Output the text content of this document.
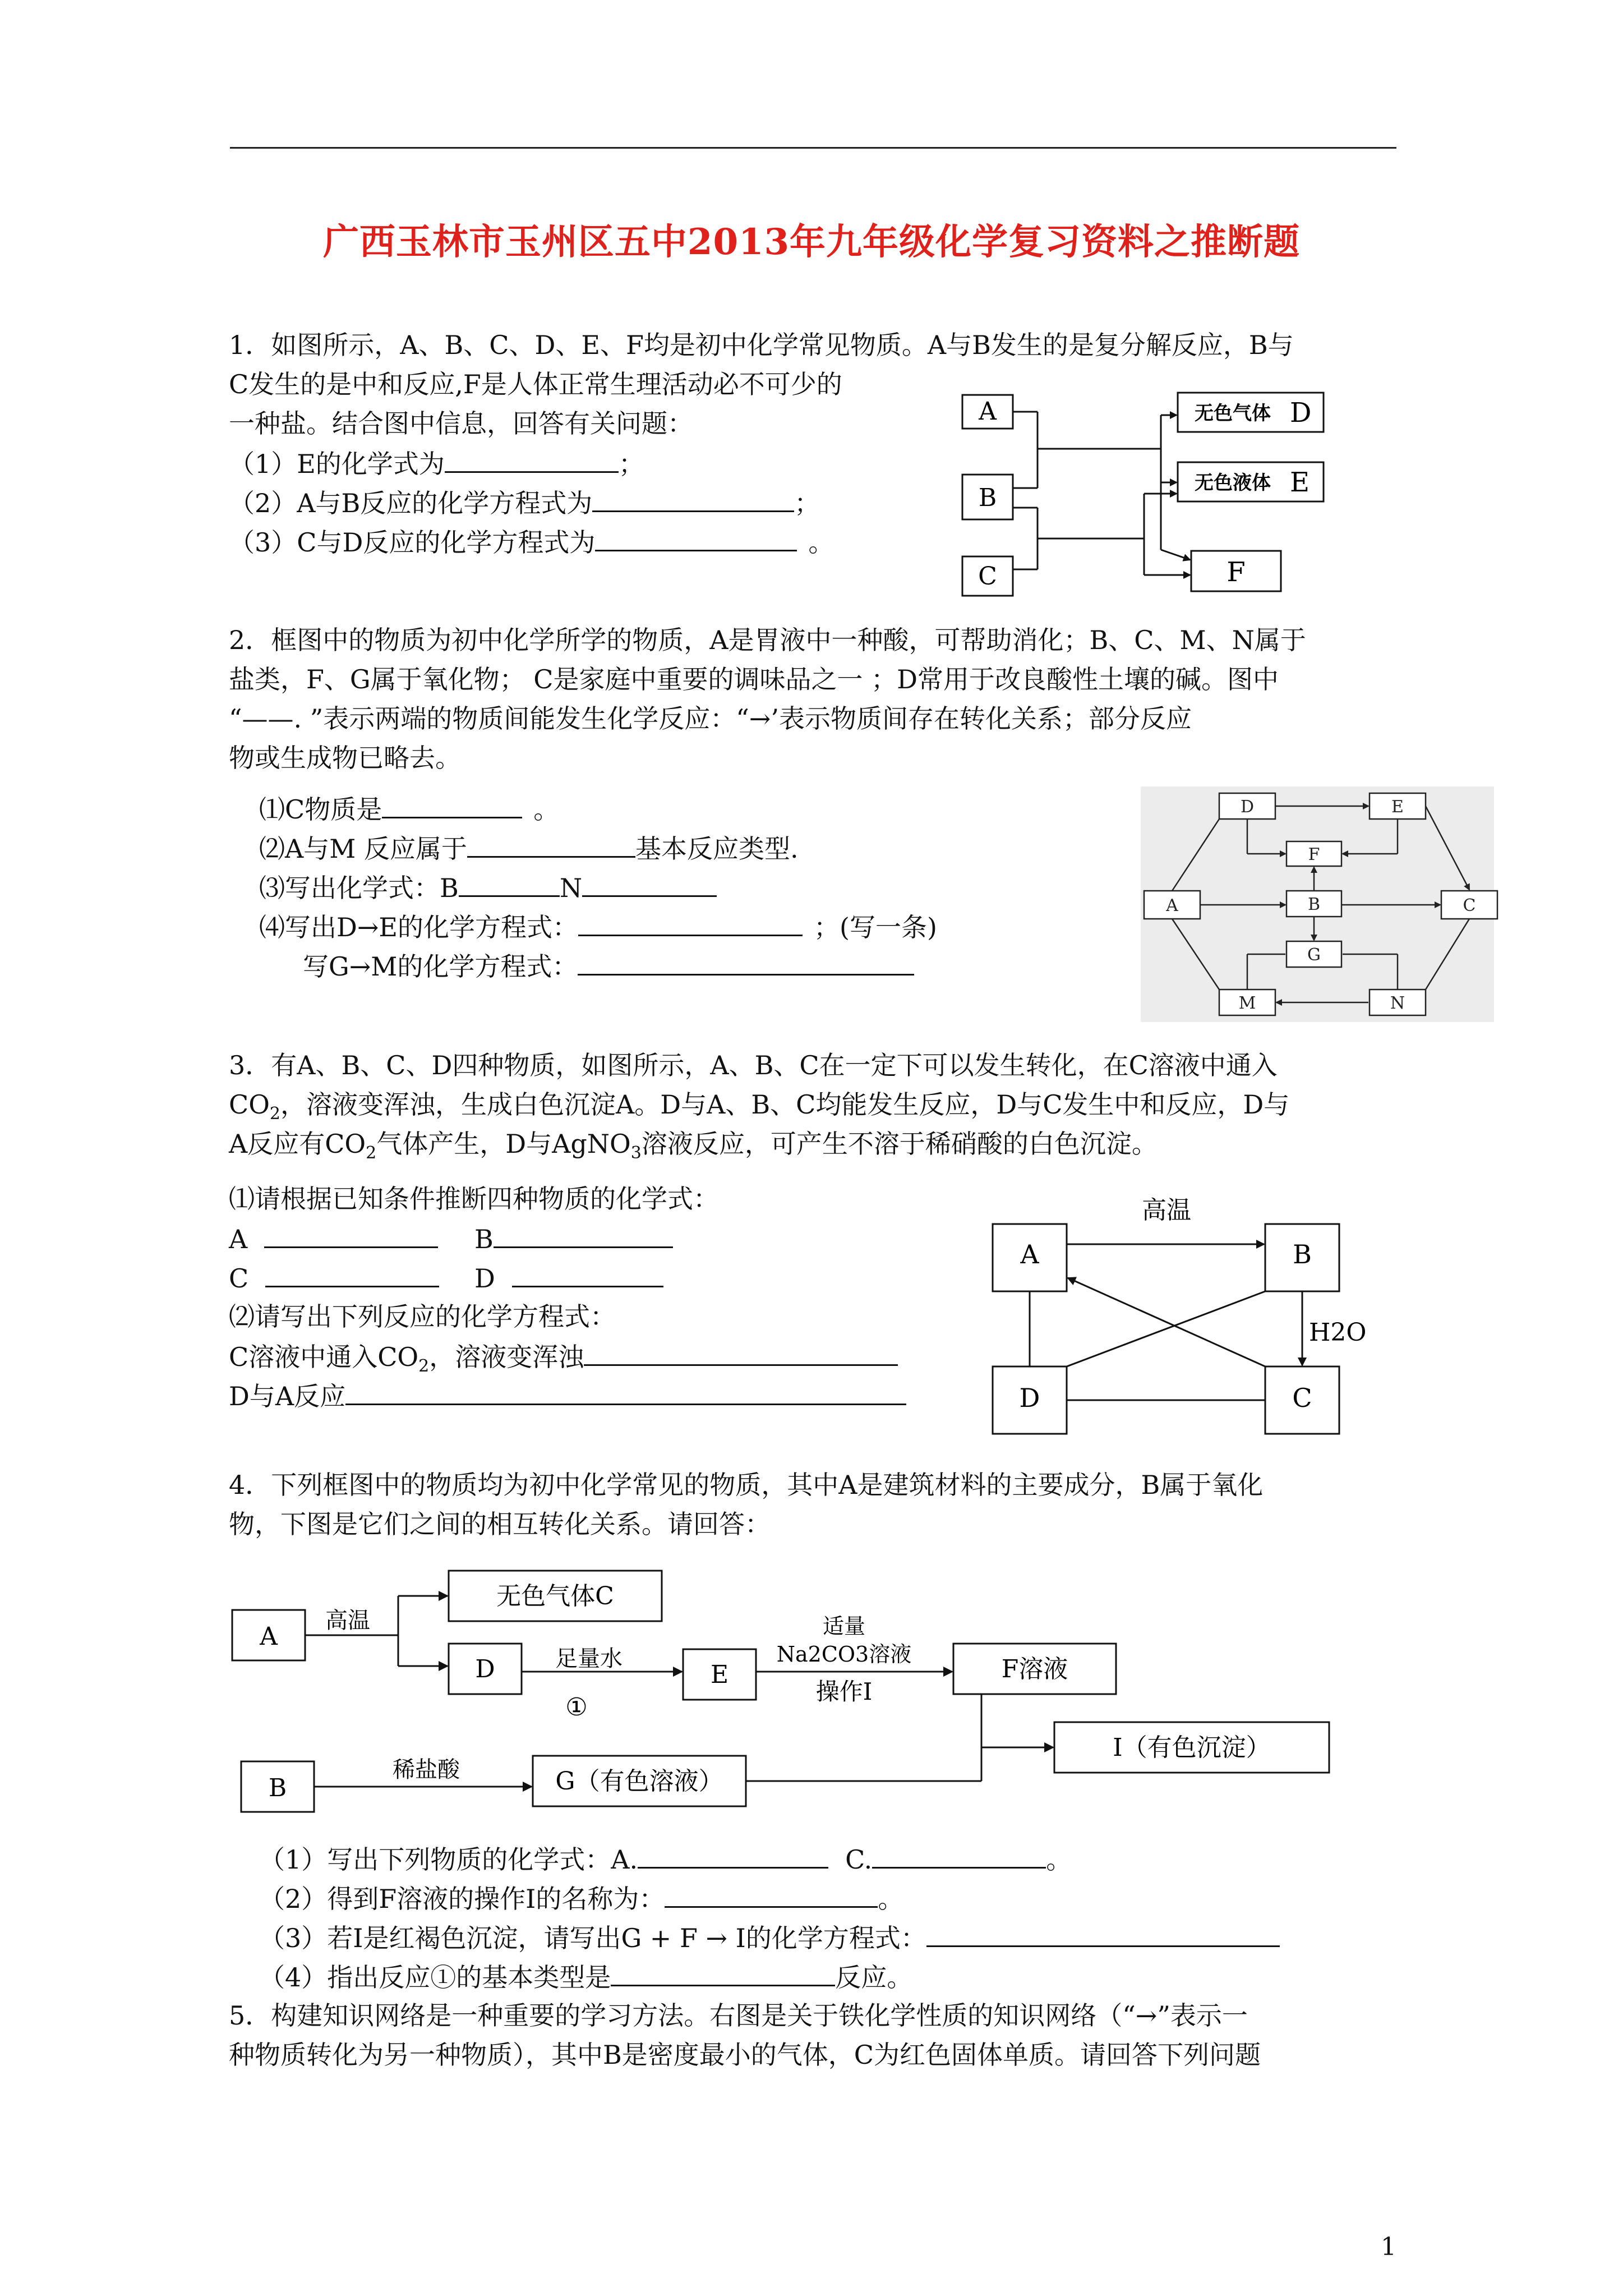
广西玉林市玉州区五中2013年九年级化学复习资料之推断题
1．如图所示，A、B、C、D、E、F均是初中化学常见物质。A与B发生的是复分解反应，B与
C发生的是中和反应,F是人体正常生理活动必不可少的
一种盐。结合图中信息，回答有关问题：
（1）E的化学式为	；
（2）A与B反应的化学方程式为	；
（3）C与D反应的化学方程式为	。
A
B
C
无色气体 D
无色液体 E
F
2．框图中的物质为初中化学所学的物质，A是胃液中一种酸，可帮助消化；B、C、M、N属于
盐类，F、G属于氧化物； C是家庭中重要的调味品之一 ；D常用于改良酸性土壤的碱。图中
“——. ”表示两端的物质间能发生化学反应：“→’表示物质间存在转化关系；部分反应
物或生成物已略去。
⑴C物质是	。
⑵A与M 反应属于	基本反应类型.
⑶写出化学式：B	N
⑷写出D→E的化学方程式：	；(写一条)
写G→M的化学方程式：
D	E
F
A	B	C
G
M	N
3．有A、B、C、D四种物质，如图所示，A、B、C在一定下可以发生转化，在C溶液中通入
$CO_2$，溶液变浑浊，生成白色沉淀A。D与A、B、C均能发生反应，D与C发生中和反应，D与
A反应有$CO_2$气体产生，D与AgNO$_3$溶液反应，可产生不溶于稀硝酸的白色沉淀。
⑴请根据已知条件推断四种物质的化学式：
A	B
C	D
⑵请写出下列反应的化学方程式：
C溶液中通入$CO_2$，溶液变浑浊
D与A反应
A	B
D	C
高温
H2O
4．下列框图中的物质均为初中化学常见的物质，其中A是建筑材料的主要成分，B属于氧化
物，下图是它们之间的相互转化关系。请回答：
A
无色气体C
D	E	F溶液
I（有色沉淀）
B	G（有色溶液）
高温
足量水
①
适量
Na2CO3溶液
操作Ⅰ
稀盐酸
（1）写出下列物质的化学式：A.	C.	。
（2）得到F溶液的操作Ⅰ的名称为：	。
（3）若Ⅰ是红褐色沉淀，请写出G + F → Ⅰ的化学方程式：
（4）指出反应①的基本类型是	反应。
5．构建知识网络是一种重要的学习方法。右图是关于铁化学性质的知识网络（“→”表示一
种物质转化为另一种物质），其中B是密度最小的气体，C为红色固体单质。请回答下列问题
1
